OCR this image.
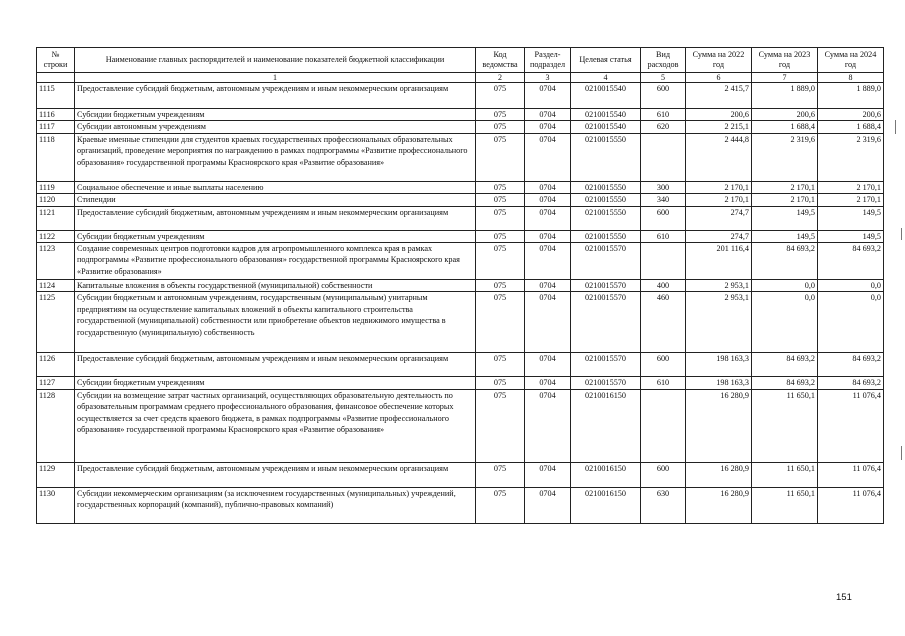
№ строки	Наименование главных распорядителей и наименование показателей бюджетной классификации	Код ведомства	Раздел-подраздел	Целевая статья	Вид расходов	Сумма на 2022 год	Сумма на 2023 год	Сумма на 2024 год
	1	2	3	4	5	6	7	8
1115	Предоставление субсидий бюджетным, автономным учреждениям и иным некоммерческим организациям	075	0704	0210015540	600	2 415,7	1 889,0	1 889,0
1116	Субсидии бюджетным учреждениям	075	0704	0210015540	610	200,6	200,6	200,6
1117	Субсидии автономным учреждениям	075	0704	0210015540	620	2 215,1	1 688,4	1 688,4
1118	Краевые именные стипендии для студентов краевых государственных профессиональных образовательных организаций, проведение мероприятия по награждению в рамках подпрограммы «Развитие профессионального образования» государственной программы Красноярского края «Развитие образования»	075	0704	0210015550		2 444,8	2 319,6	2 319,6
1119	Социальное обеспечение и иные выплаты населению	075	0704	0210015550	300	2 170,1	2 170,1	2 170,1
1120	Стипендии	075	0704	0210015550	340	2 170,1	2 170,1	2 170,1
1121	Предоставление субсидий бюджетным, автономным учреждениям и иным некоммерческим организациям	075	0704	0210015550	600	274,7	149,5	149,5
1122	Субсидии бюджетным учреждениям	075	0704	0210015550	610	274,7	149,5	149,5
1123	Создание современных центров подготовки кадров для агропромышленного комплекса края в рамках подпрограммы «Развитие профессионального образования» государственной программы Красноярского края «Развитие образования»	075	0704	0210015570		201 116,4	84 693,2	84 693,2
1124	Капитальные вложения в объекты государственной (муниципальной) собственности	075	0704	0210015570	400	2 953,1	0,0	0,0
1125	Субсидии бюджетным и автономным учреждениям, государственным (муниципальным) унитарным предприятиям на осуществление капитальных вложений в объекты капитального строительства государственной (муниципальной) собственности или приобретение объектов недвижимого имущества в государственную (муниципальную) собственность	075	0704	0210015570	460	2 953,1	0,0	0,0
1126	Предоставление субсидий бюджетным, автономным учреждениям и иным некоммерческим организациям	075	0704	0210015570	600	198 163,3	84 693,2	84 693,2
1127	Субсидии бюджетным учреждениям	075	0704	0210015570	610	198 163,3	84 693,2	84 693,2
1128	Субсидии на возмещение затрат частных организаций, осуществляющих образовательную деятельность по образовательным программам среднего профессионального образования, финансовое обеспечение которых осуществляется за счет средств краевого бюджета, в рамках подпрограммы «Развитие профессионального образования» государственной программы Красноярского края «Развитие образования»	075	0704	0210016150		16 280,9	11 650,1	11 076,4
1129	Предоставление субсидий бюджетным, автономным учреждениям и иным некоммерческим организациям	075	0704	0210016150	600	16 280,9	11 650,1	11 076,4
1130	Субсидии некоммерческим организациям (за исключением государственных (муниципальных) учреждений, государственных корпораций (компаний), публично-правовых компаний)	075	0704	0210016150	630	16 280,9	11 650,1	11 076,4
151
